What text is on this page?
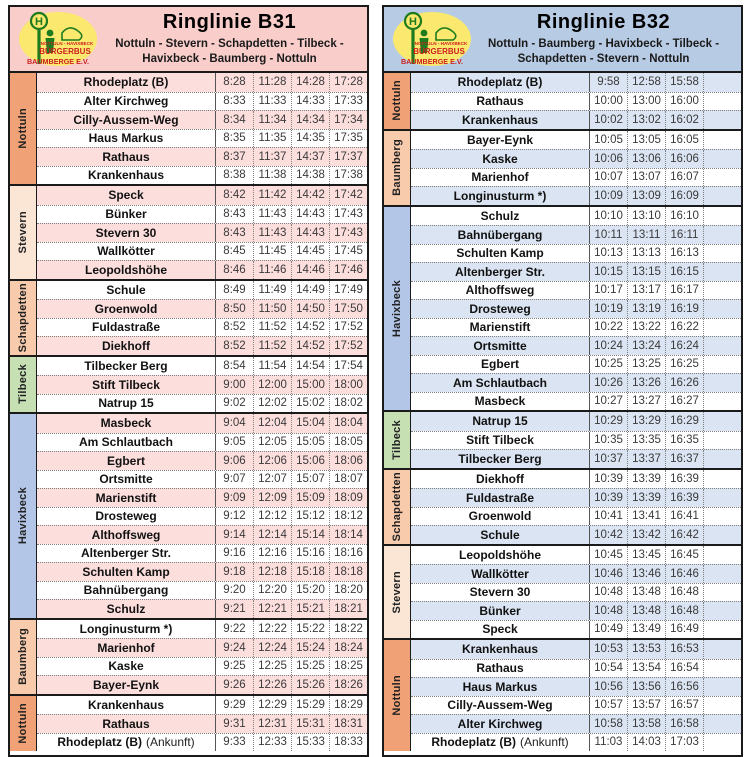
H
NOTTULN - HAVIXBECK
BÜRGERBUS
BAUMBERGE E.V.
Ringlinie B31
Nottuln - Stevern - Schapdetten - Tilbeck -
Havixbeck - Baumberg - Nottuln
Nottuln
Rhodeplatz (B)	8:28	11:28 14:28 17:28
Alter Kirchweg	8:33	11:33 14:33 17:33
Cilly-Aussem-Weg	8:34	11:34 14:34 17:34
Haus Markus	8:35	11:35 14:35 17:35
Rathaus	8:37	11:37 14:37 17:37
Krankenhaus	8:38	11:38 14:38 17:38
Stevern
Speck	8:42	11:42 14:42 17:42
Bünker	8:43	11:43 14:43 17:43
Stevern 30	8:43	11:43 14:43 17:43
Wallkötter	8:45	11:45 14:45 17:45
Leopoldshöhe	8:46	11:46 14:46 17:46
Schapdetten	Schule	8:49	11:49 14:49 17:49
Groenwold	8:50	11:50 14:50 17:50
Fuldastraße	8:52	11:52 14:52 17:52
Diekhoff	8:52	11:52 14:52 17:52
Tilbeck	Tilbecker Berg	8:54	11:54 14:54 17:54
Stift Tilbeck	9:00	12:00 15:00 18:00
Natrup 15	9:02	12:02 15:02 18:02
Havixbeck
Masbeck	9:04	12:04 15:04 18:04
Am Schlautbach	9:05	12:05 15:05 18:05
Egbert	9:06	12:06 15:06 18:06
Ortsmitte	9:07	12:07 15:07 18:07
Marienstift	9:09	12:09 15:09 18:09
Drosteweg	9:12	12:12 15:12 18:12
Althoffsweg	9:14	12:14 15:14 18:14
Altenberger Str.	9:16	12:16 15:16 18:16
Schulten Kamp	9:18	12:18 15:18 18:18
Bahnübergang	9:20	12:20 15:20 18:20
Schulz	9:21	12:21 15:21 18:21
Baumberg	Longinusturm *)	9:22	12:22 15:22 18:22
Marienhof	9:24	12:24 15:24 18:24
Kaske	9:25	12:25 15:25 18:25
Bayer-Eynk	9:26	12:26 15:26 18:26
Nottuln	Krankenhaus	9:29	12:29 15:29 18:29
Rathaus	9:31	12:31 15:31 18:31
Rhodeplatz (B) (Ankunft)	9:33	12:33 15:33 18:33
H
NOTTULN - HAVIXBECK
BÜRGERBUS
BAUMBERGE E.V.
Ringlinie B32
Nottuln - Baumberg - Havixbeck - Tilbeck -
Schapdetten - Stevern - Nottuln
Nottuln	Rhodeplatz (B)	9:58	12:58 15:58
Rathaus	10:00 13:00 16:00
Krankenhaus	10:02 13:02 16:02
Baumberg	Bayer-Eynk	10:05 13:05 16:05
Kaske	10:06 13:06 16:06
Marienhof	10:07 13:07 16:07
Longinusturm *)	10:09 13:09 16:09
Havixbeck
Schulz	10:10 13:10 16:10
Bahnübergang	10:11 13:11 16:11
Schulten Kamp	10:13 13:13 16:13
Altenberger Str.	10:15 13:15 16:15
Althoffsweg	10:17 13:17 16:17
Drosteweg	10:19 13:19 16:19
Marienstift	10:22 13:22 16:22
Ortsmitte	10:24 13:24 16:24
Egbert	10:25 13:25 16:25
Am Schlautbach	10:26 13:26 16:26
Masbeck	10:27 13:27 16:27
Tilbeck	Natrup 15	10:29 13:29 16:29
Stift Tilbeck	10:35 13:35 16:35
Tilbecker Berg	10:37 13:37 16:37
Schapdetten	Diekhoff	10:39 13:39 16:39
Fuldastraße	10:39 13:39 16:39
Groenwold	10:41 13:41 16:41
Schule	10:42 13:42 16:42
Stevern
Leopoldshöhe	10:45 13:45 16:45
Wallkötter	10:46 13:46 16:46
Stevern 30	10:48 13:48 16:48
Bünker	10:48 13:48 16:48
Speck	10:49 13:49 16:49
Nottuln
Krankenhaus	10:53 13:53 16:53
Rathaus	10:54 13:54 16:54
Haus Markus	10:56 13:56 16:56
Cilly-Aussem-Weg	10:57 13:57 16:57
Alter Kirchweg	10:58 13:58 16:58
Rhodeplatz (B) (Ankunft)	11:03 14:03 17:03
